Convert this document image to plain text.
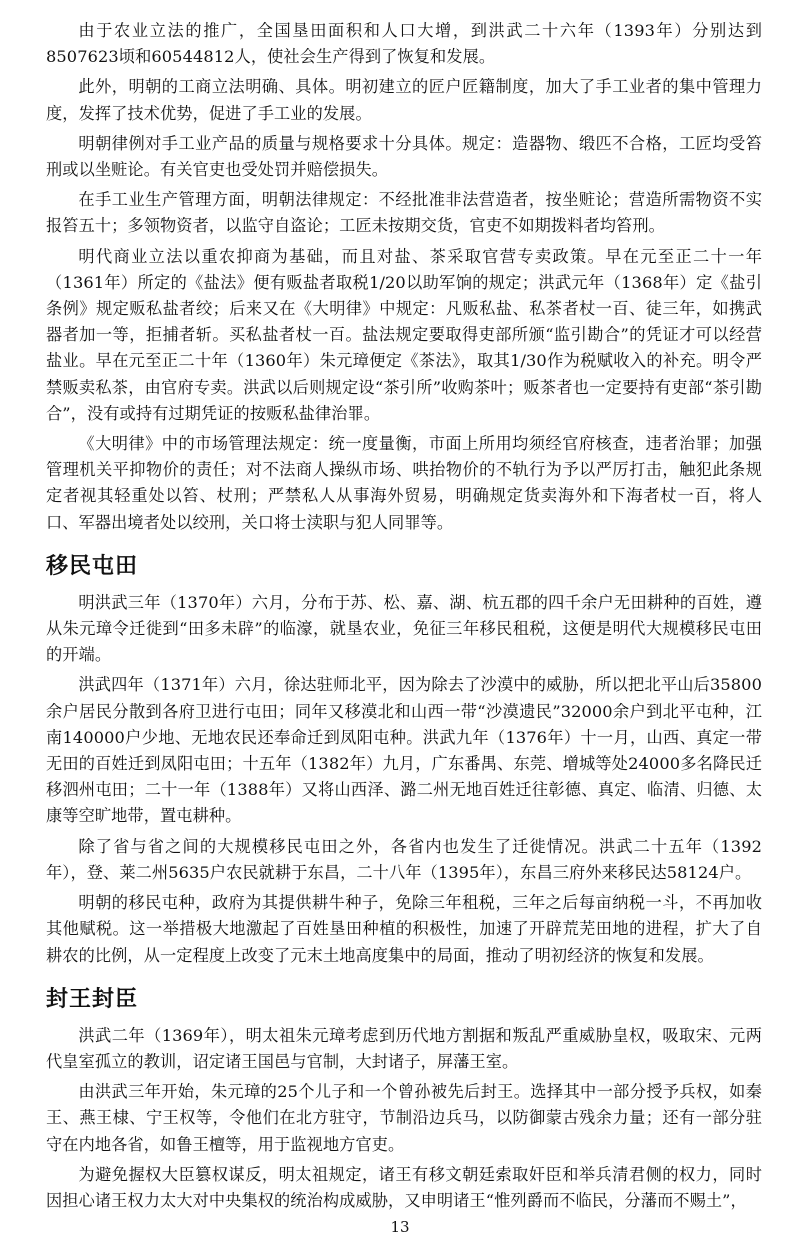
由于农业立法的推广，全国垦田面积和人口大增，到洪武二十六年（1393年）分别达到8507623顷和60544812人，使社会生产得到了恢复和发展。

此外，明朝的工商立法明确、具体。明初建立的匠户匠籍制度，加大了手工业者的集中管理力度，发挥了技术优势，促进了手工业的发展。

明朝律例对手工业产品的质量与规格要求十分具体。规定：造器物、缎匹不合格，工匠均受笞刑或以坐赃论。有关官吏也受处罚并赔偿损失。

在手工业生产管理方面，明朝法律规定：不经批准非法营造者，按坐赃论；营造所需物资不实报笞五十；多领物资者，以监守自盗论；工匠未按期交货，官吏不如期拨料者均笞刑。

明代商业立法以重农抑商为基础，而且对盐、茶采取官营专卖政策。早在元至正二十一年（1361年）所定的《盐法》便有贩盐者取税1/20以助军饷的规定；洪武元年（1368年）定《盐引条例》规定贩私盐者绞；后来又在《大明律》中规定：凡贩私盐、私茶者杖一百、徒三年，如携武器者加一等，拒捕者斩。买私盐者杖一百。盐法规定要取得吏部所颁“监引勘合”的凭证才可以经营盐业。早在元至正二十年（1360年）朱元璋便定《茶法》，取其1/30作为税赋收入的补充。明令严禁贩卖私茶，由官府专卖。洪武以后则规定设“茶引所”收购茶叶；贩茶者也一定要持有吏部“茶引勘合”，没有或持有过期凭证的按贩私盐律治罪。

《大明律》中的市场管理法规定：统一度量衡，市面上所用均须经官府核查，违者治罪；加强管理机关平抑物价的责任；对不法商人操纵市场、哄抬物价的不轨行为予以严厉打击，触犯此条规定者视其轻重处以笞、杖刑；严禁私人从事海外贸易，明确规定货卖海外和下海者杖一百，将人口、军器出境者处以绞刑，关口将士渎职与犯人同罪等。

移民屯田

明洪武三年（1370年）六月，分布于苏、松、嘉、湖、杭五郡的四千余户无田耕种的百姓，遵从朱元璋令迁徙到“田多未辟”的临濠，就垦农业，免征三年移民租税，这便是明代大规模移民屯田的开端。

洪武四年（1371年）六月，徐达驻师北平，因为除去了沙漠中的威胁，所以把北平山后35800余户居民分散到各府卫进行屯田；同年又移漠北和山西一带“沙漠遗民”32000余户到北平屯种，江南140000户少地、无地农民还奉命迁到凤阳屯种。洪武九年（1376年）十一月，山西、真定一带无田的百姓迁到凤阳屯田；十五年（1382年）九月，广东番禺、东莞、增城等处24000多名降民迁移泗州屯田；二十一年（1388年）又将山西泽、潞二州无地百姓迁往彰德、真定、临清、归德、太康等空旷地带，置屯耕种。

除了省与省之间的大规模移民屯田之外，各省内也发生了迁徙情况。洪武二十五年（1392年），登、莱二州5635户农民就耕于东昌，二十八年（1395年），东昌三府外来移民达58124户。

明朝的移民屯种，政府为其提供耕牛种子，免除三年租税，三年之后每亩纳税一斗，不再加收其他赋税。这一举措极大地激起了百姓垦田种植的积极性，加速了开辟荒芜田地的进程，扩大了自耕农的比例，从一定程度上改变了元末土地高度集中的局面，推动了明初经济的恢复和发展。

封王封臣

洪武二年（1369年），明太祖朱元璋考虑到历代地方割据和叛乱严重威胁皇权，吸取宋、元两代皇室孤立的教训，诏定诸王国邑与官制，大封诸子，屏藩王室。

由洪武三年开始，朱元璋的25个儿子和一个曾孙被先后封王。选择其中一部分授予兵权，如秦王、燕王棣、宁王权等，令他们在北方驻守，节制沿边兵马，以防御蒙古残余力量；还有一部分驻守在内地各省，如鲁王檀等，用于监视地方官吏。

为避免握权大臣篡权谋反，明太祖规定，诸王有移文朝廷索取奸臣和举兵清君侧的权力，同时因担心诸王权力太大对中央集权的统治构成威胁，又申明诸王“惟列爵而不临民，分藩而不赐土”，

13
